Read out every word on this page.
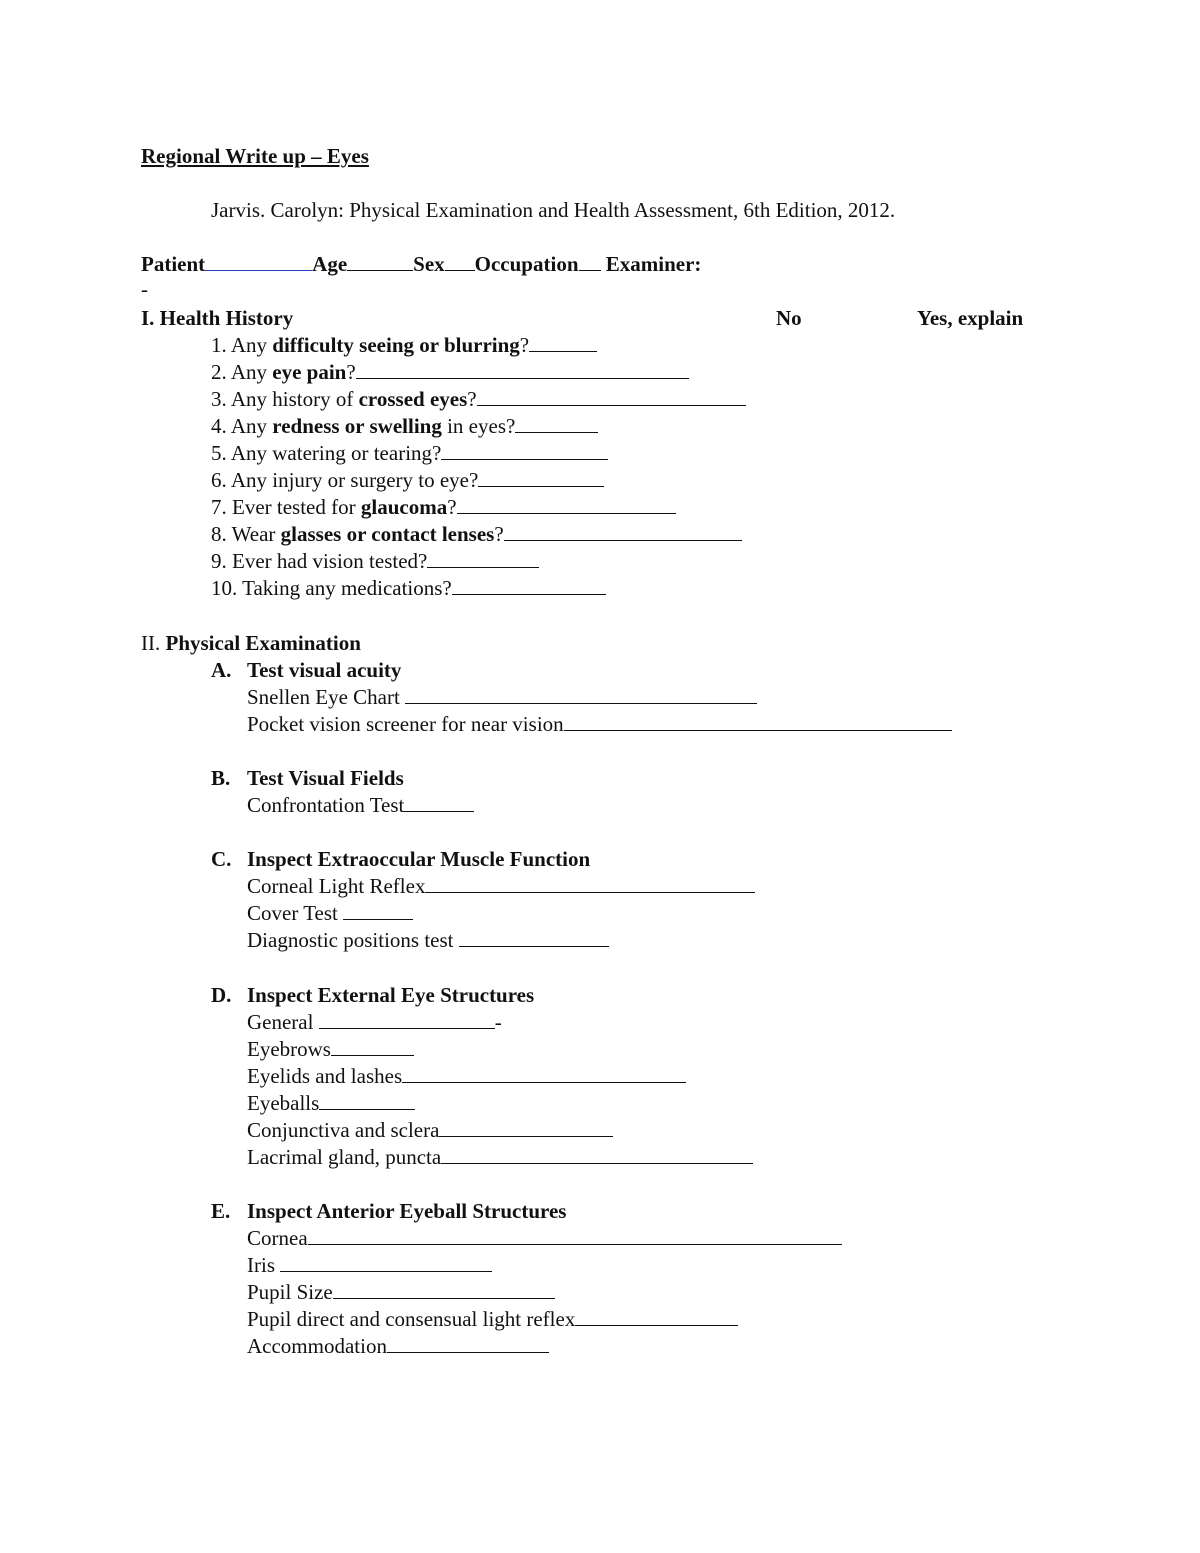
Regional Write up – Eyes
Jarvis. Carolyn: Physical Examination and Health Assessment, 6th Edition, 2012.
Patient	Age	Sex Occupation Examiner:
-
I. Health History	No	Yes, explain
1. Any difficulty seeing or blurring?
2. Any eye pain?
3. Any history of crossed eyes?
4. Any redness or swelling in eyes?
5. Any watering or tearing?
6. Any injury or surgery to eye?
7. Ever tested for glaucoma?
8. Wear glasses or contact lenses?
9. Ever had vision tested?
10. Taking any medications?
II. Physical Examination
A. Test visual acuity
Snellen Eye Chart
Pocket vision screener for near vision
B. Test Visual Fields
Confrontation Test
C. Inspect Extraoccular Muscle Function
Corneal Light Reflex
Cover Test
Diagnostic positions test
D. Inspect External Eye Structures
General	-
Eyebrows
Eyelids and lashes
Eyeballs
Conjunctiva and sclera
Lacrimal gland, puncta
E. Inspect Anterior Eyeball Structures
Cornea
Iris
Pupil Size
Pupil direct and consensual light reflex
Accommodation
